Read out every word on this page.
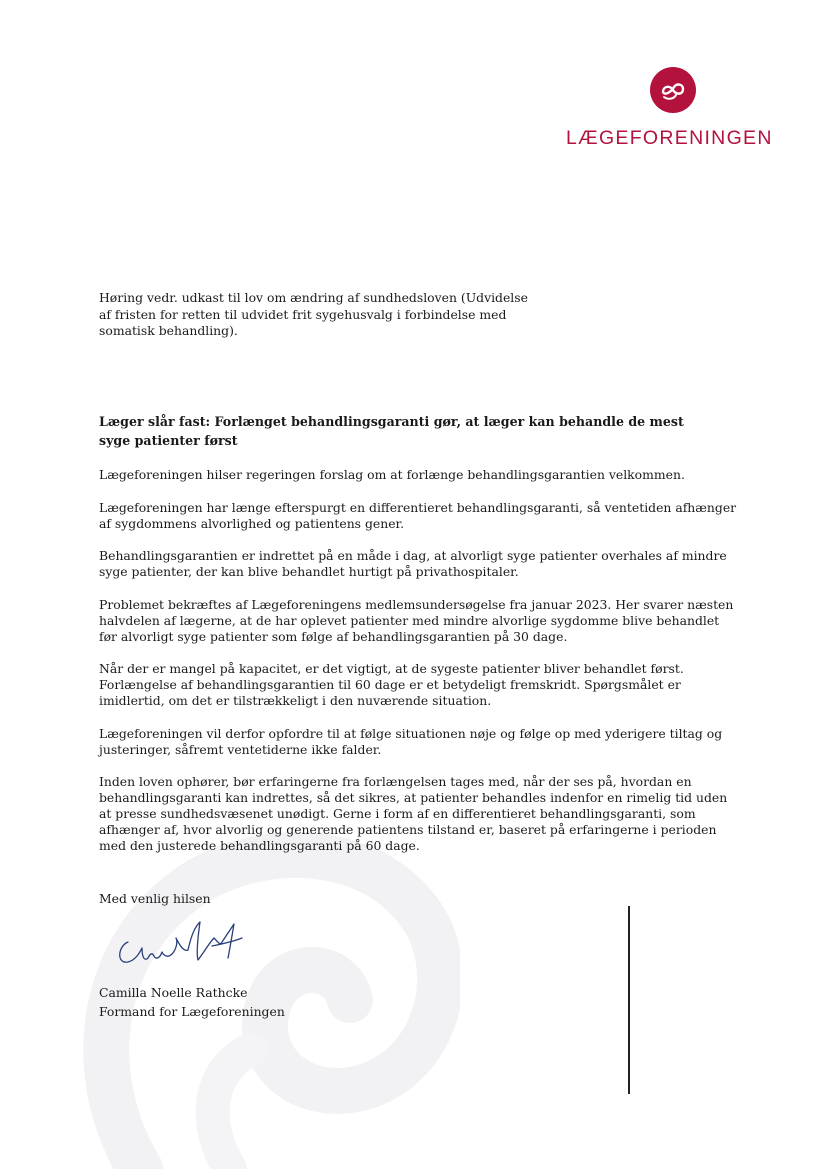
LÆGEFORENINGEN
Høring vedr. udkast til lov om ændring af sundhedsloven (Udvidelse af fristen for retten til udvidet frit sygehusvalg i forbindelse med somatisk behandling).
Læger slår fast: Forlænget behandlingsgaranti gør, at læger kan behandle de mest syge patienter først

Lægeforeningen hilser regeringen forslag om at forlænge behandlingsgarantien velkommen.

Lægeforeningen har længe efterspurgt en differentieret behandlingsgaranti, så ventetiden afhænger af sygdommens alvorlighed og patientens gener.

Behandlingsgarantien er indrettet på en måde i dag, at alvorligt syge patienter overhales af mindre syge patienter, der kan blive behandlet hurtigt på privathospitaler.

Problemet bekræftes af Lægeforeningens medlemsundersøgelse fra januar 2023. Her svarer næsten halvdelen af lægerne, at de har oplevet patienter med mindre alvorlige sygdomme blive behandlet før alvorligt syge patienter som følge af behandlingsgarantien på 30 dage.

Når der er mangel på kapacitet, er det vigtigt, at de sygeste patienter bliver behandlet først. Forlængelse af behandlingsgarantien til 60 dage er et betydeligt fremskridt. Spørgsmålet er imidlertid, om det er tilstrækkeligt i den nuværende situation.

Lægeforeningen vil derfor opfordre til at følge situationen nøje og følge op med yderigere tiltag og justeringer, såfremt ventetiderne ikke falder.

Inden loven ophører, bør erfaringerne fra forlængelsen tages med, når der ses på, hvordan en behandlingsgaranti kan indrettes, så det sikres, at patienter behandles indenfor en rimelig tid uden at presse sundhedsvæsenet unødigt. Gerne i form af en differentieret behandlingsgaranti, som afhænger af, hvor alvorlig og generende patientens tilstand er, baseret på erfaringerne i perioden med den justerede behandlingsgaranti på 60 dage.

Med venlig hilsen
Camilla Noelle Rathcke
Formand for Lægeforeningen
